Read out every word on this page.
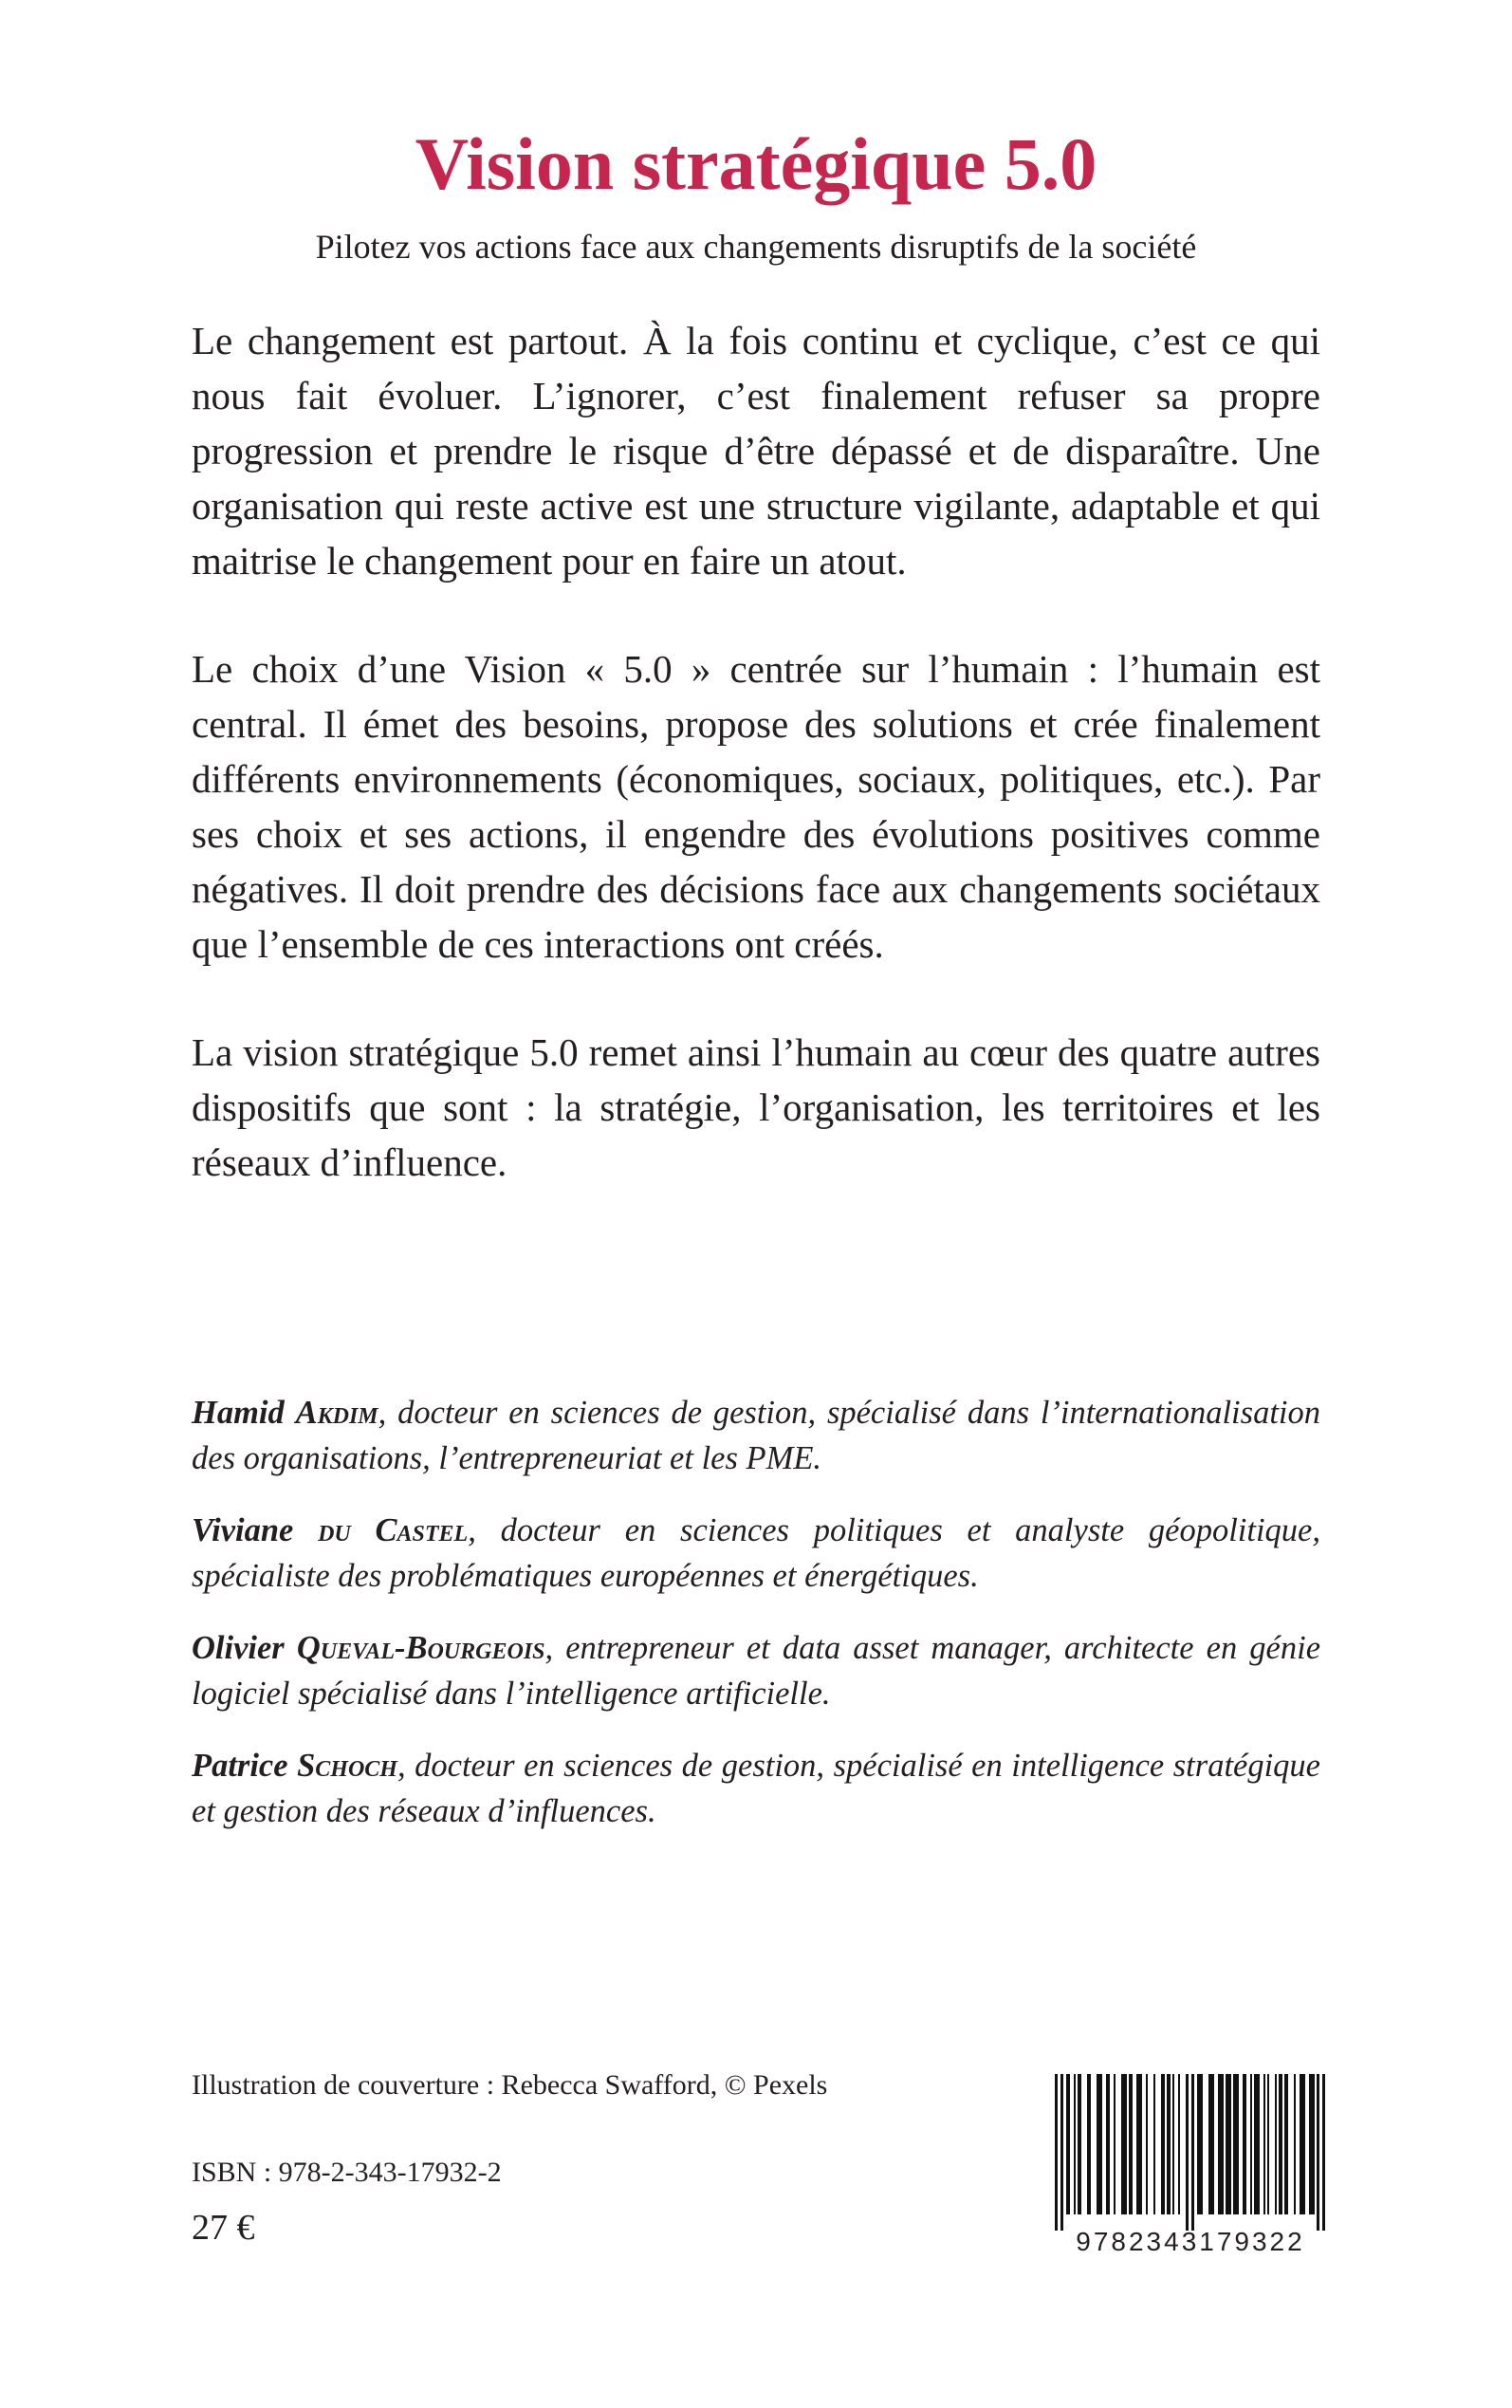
Vision stratégique 5.0

Pilotez vos actions face aux changements disruptifs de la société

Le changement est partout. À la fois continu et cyclique, c’est ce qui nous fait évoluer. L’ignorer, c’est finalement refuser sa propre progression et prendre le risque d’être dépassé et de disparaître. Une organisation qui reste active est une structure vigilante, adaptable et qui maitrise le changement pour en faire un atout.

Le choix d’une Vision « 5.0 » centrée sur l’humain : l’humain est central. Il émet des besoins, propose des solutions et crée finalement différents environnements (économiques, sociaux, politiques, etc.). Par ses choix et ses actions, il engendre des évolutions positives comme négatives. Il doit prendre des décisions face aux changements sociétaux que l’ensemble de ces interactions ont créés.

La vision stratégique 5.0 remet ainsi l’humain au cœur des quatre autres dispositifs que sont : la stratégie, l’organisation, les territoires et les réseaux d’influence.

Hamid Akdim, docteur en sciences de gestion, spécialisé dans l’internationalisation des organisations, l’entrepreneuriat et les PME.

Viviane du Castel, docteur en sciences politiques et analyste géopolitique, spécialiste des problématiques européennes et énergétiques.

Olivier Queval-Bourgeois, entrepreneur et data asset manager, architecte en génie logiciel spécialisé dans l’intelligence artificielle.

Patrice Schoch, docteur en sciences de gestion, spécialisé en intelligence stratégique et gestion des réseaux d’influences.

Illustration de couverture : Rebecca Swafford, © Pexels

ISBN : 978-2-343-17932-2

27 €	9782343179322
